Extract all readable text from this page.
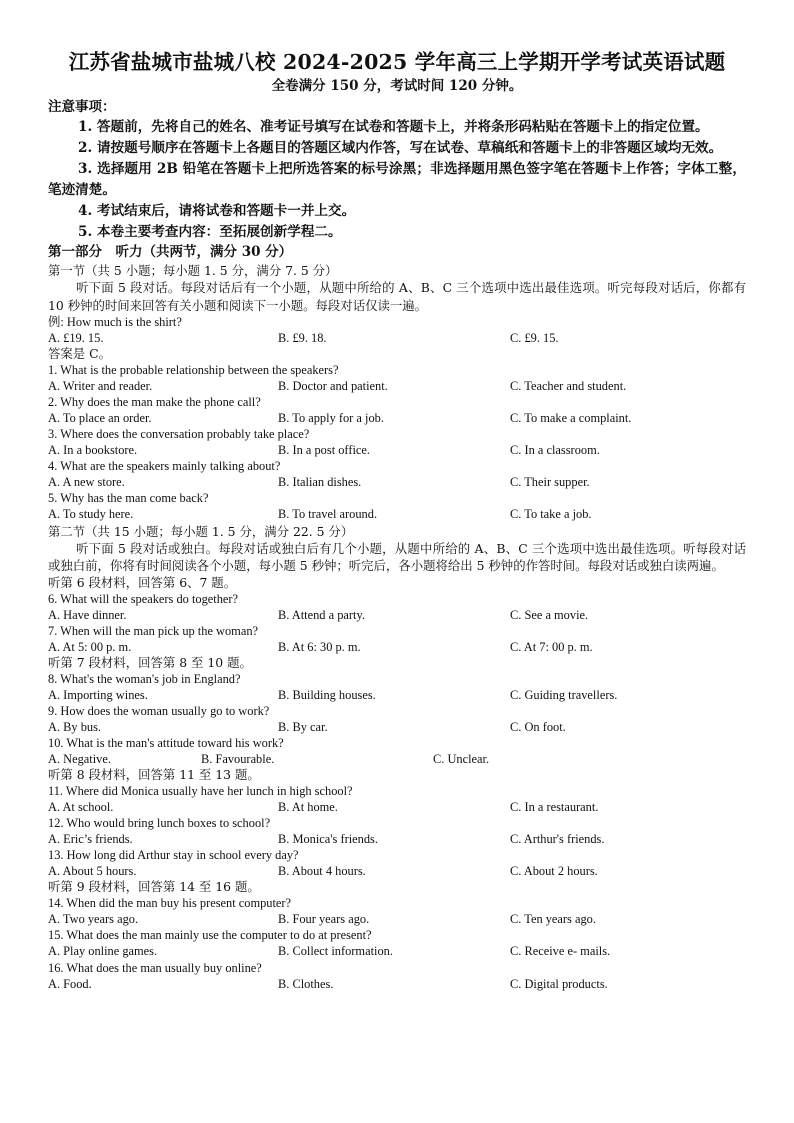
江苏省盐城市盐城八校 2024-2025 学年高三上学期开学考试英语试题
全卷满分 150 分，考试时间 120 分钟。
注意事项：
1. 答题前，先将自己的姓名、准考证号填写在试卷和答题卡上，并将条形码粘贴在答题卡上的指定位置。
2. 请按题号顺序在答题卡上各题目的答题区域内作答，写在试卷、草稿纸和答题卡上的非答题区域均无效。
3. 选择题用 2B 铅笔在答题卡上把所选答案的标号涂黑；非选择题用黑色签字笔在答题卡上作答；字体工整，笔迹清楚。
4. 考试结束后，请将试卷和答题卡一并上交。
5. 本卷主要考查内容：至拓展创新学程二。
第一部分　听力（共两节，满分 30 分）
第一节（共 5 小题；每小题 1. 5 分，满分 7. 5 分）
听下面 5 段对话。每段对话后有一个小题，从题中所给的 A、B、C 三个选项中选出最佳选项。听完每段对话后，你都有 10 秒钟的时间来回答有关小题和阅读下一小题。每段对话仅读一遍。
例: How much is the shirt?
A. £19. 15.	B. £9. 18.	C. £9. 15.
答案是 C。
1. What is the probable relationship between the speakers?
A. Writer and reader.	B. Doctor and patient.	C. Teacher and student.
2. Why does the man make the phone call?
A. To place an order.	B. To apply for a job.	C. To make a complaint.
3. Where does the conversation probably take place?
A. In a bookstore.	B. In a post office.	C. In a classroom.
4. What are the speakers mainly talking about?
A. A new store.	B. Italian dishes.	C. Their supper.
5. Why has the man come back?
A. To study here.	B. To travel around.	C. To take a job.
第二节（共 15 小题；每小题 1. 5 分，满分 22. 5 分）
听下面 5 段对话或独白。每段对话或独白后有几个小题，从题中所给的 A、B、C 三个选项中选出最佳选项。听每段对话或独白前，你将有时间阅读各个小题，每小题 5 秒钟；听完后，各小题将给出 5 秒钟的作答时间。每段对话或独白读两遍。
听第 6 段材料，回答第 6、7 题。
6. What will the speakers do together?
A. Have dinner.	B. Attend a party.	C. See a movie.
7. When will the man pick up the woman?
A. At 5: 00 p. m.	B. At 6: 30 p. m.	C. At 7: 00 p. m.
听第 7 段材料，回答第 8 至 10 题。
8. What's the woman's job in England?
A. Importing wines.	B. Building houses.	C. Guiding travellers.
9. How does the woman usually go to work?
A. By bus.	B. By car.	C. On foot.
10. What is the man's attitude toward his work?
A. Negative.	B. Favourable.	C. Unclear.
听第 8 段材料，回答第 11 至 13 题。
11. Where did Monica usually have her lunch in high school?
A. At school.	B. At home.	C. In a restaurant.
12. Who would bring lunch boxes to school?
A. Eric’s friends.	B. Monica's friends.	C. Arthur's friends.
13. How long did Arthur stay in school every day?
A. About 5 hours.	B. About 4 hours.	C. About 2 hours.
听第 9 段材料，回答第 14 至 16 题。
14. When did the man buy his present computer?
A. Two years ago.	B. Four years ago.	C. Ten years ago.
15. What does the man mainly use the computer to do at present?
A. Play online games.	B. Collect information.	C. Receive e- mails.
16. What does the man usually buy online?
A. Food.	B. Clothes.	C. Digital products.
